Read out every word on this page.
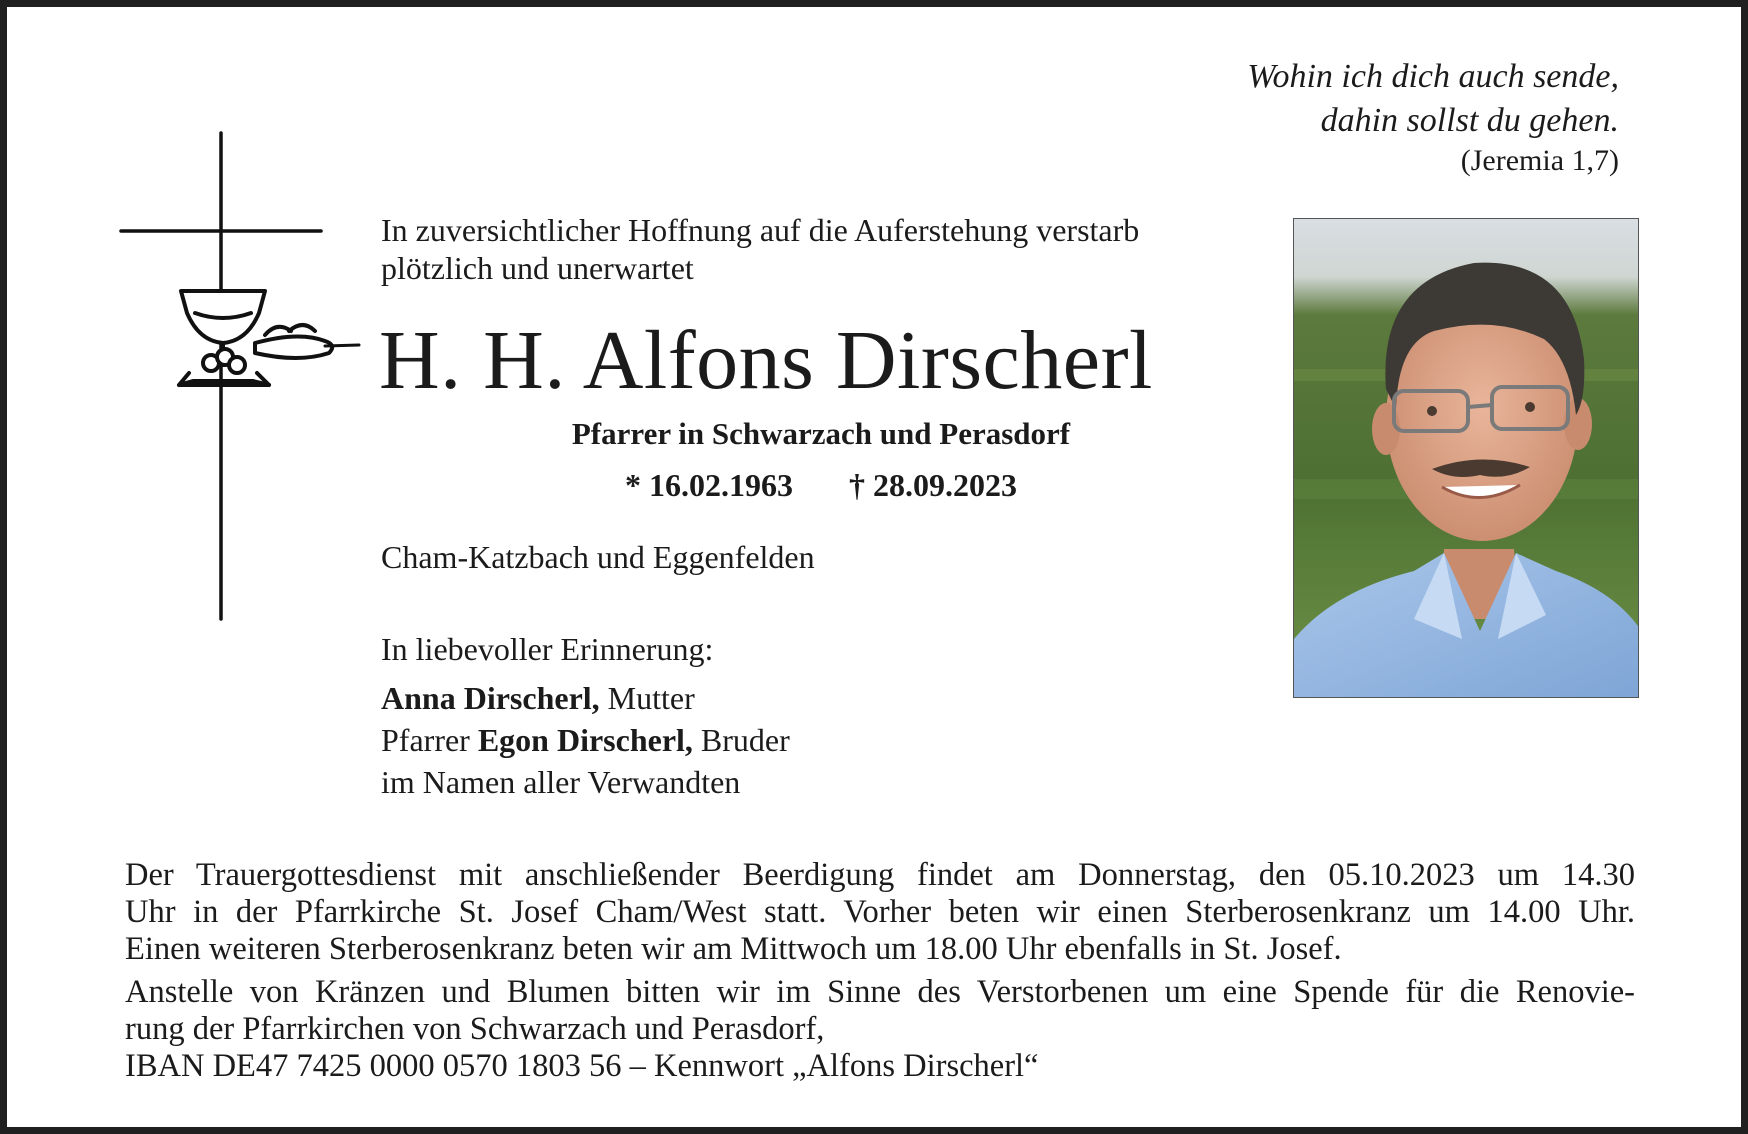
Wohin ich dich auch sende,
dahin sollst du gehen.
(Jeremia 1,7)
In zuversichtlicher Hoffnung auf die Auferstehung verstarb
plötzlich und unerwartet
H. H. Alfons Dirscherl
Pfarrer in Schwarzach und Perasdorf
* 16.02.1963 † 28.09.2023
Cham-Katzbach und Eggenfelden
In liebevoller Erinnerung:
Anna Dirscherl, Mutter
Pfarrer Egon Dirscherl, Bruder
im Namen aller Verwandten

Der Trauergottesdienst mit anschließender Beerdigung findet am Donnerstag, den 05.10.2023 um 14.30

Uhr in der Pfarrkirche St. Josef Cham/West statt. Vorher beten wir einen Sterberosenkranz um 14.00 Uhr.

Einen weiteren Sterberosenkranz beten wir am Mittwoch um 18.00 Uhr ebenfalls in St. Josef.

Anstelle von Kränzen und Blumen bitten wir im Sinne des Verstorbenen um eine Spende für die Renovie-

rung der Pfarrkirchen von Schwarzach und Perasdorf,

IBAN DE47 7425 0000 0570 1803 56 – Kennwort „Alfons Dirscherl“
